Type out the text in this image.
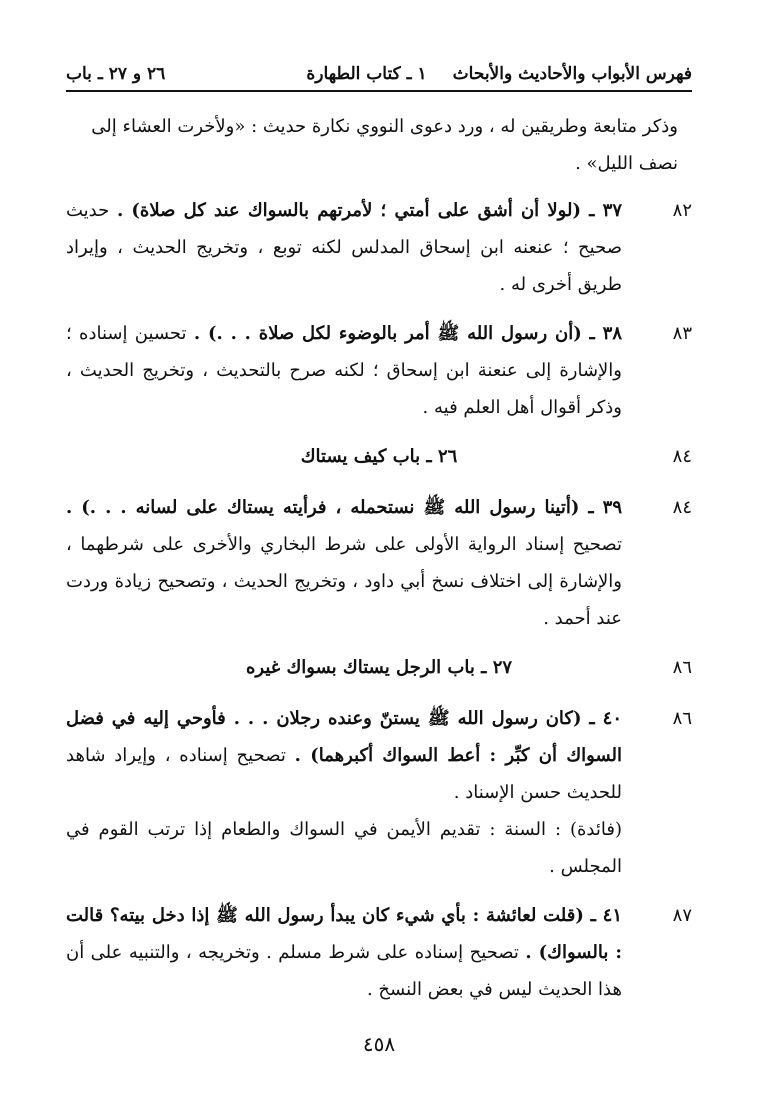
فهرس الأبواب والأحاديث والأبحاث
١ ـ كتاب الطهارة
٢٦ و ٢٧ ـ باب
وذكر متابعة وطريقين له ، ورد دعوى النووي نكارة حديث : «ولأخرت العشاء إلى نصف الليل» .
٨٢
٣٧ ـ (لولا أن أشق على أمتي ؛ لأمرتهم بالسواك عند كل صلاة) . حديث صحيح ؛ عنعنه ابن إسحاق المدلس لكنه توبع ، وتخريج الحديث ، وإيراد طريق أخرى له .
٨٣
٣٨ ـ (أن رسول الله ﷺ أمر بالوضوء لكل صلاة . . .) . تحسين إسناده ؛ والإشارة إلى عنعنة ابن إسحاق ؛ لكنه صرح بالتحديث ، وتخريج الحديث ، وذكر أقوال أهل العلم فيه .
٨٤
٢٦ ـ باب كيف يستاك
٨٤
٣٩ ـ (أتينا رسول الله ﷺ نستحمله ، فرأيته يستاك على لسانه . . .) . تصحيح إسناد الرواية الأولى على شرط البخاري والأخرى على شرطهما ، والإشارة إلى اختلاف نسخ أبي داود ، وتخريج الحديث ، وتصحيح زيادة وردت عند أحمد .
٨٦
٢٧ ـ باب الرجل يستاك بسواك غيره
٨٦
٤٠ ـ (كان رسول الله ﷺ يستنّ وعنده رجلان . . . فأوحي إليه في فضل السواك أن كبِّر : أعط السواك أكبرهما) . تصحيح إسناده ، وإيراد شاهد للحديث حسن الإسناد .
(فائدة) : السنة : تقديم الأيمن في السواك والطعام إذا ترتب القوم في المجلس .
٨٧
٤١ ـ (قلت لعائشة : بأي شيء كان يبدأ رسول الله ﷺ إذا دخل بيته؟ قالت : بالسواك) . تصحيح إسناده على شرط مسلم . وتخريجه ، والتنبيه على أن هذا الحديث ليس في بعض النسخ .
٤٥٨
